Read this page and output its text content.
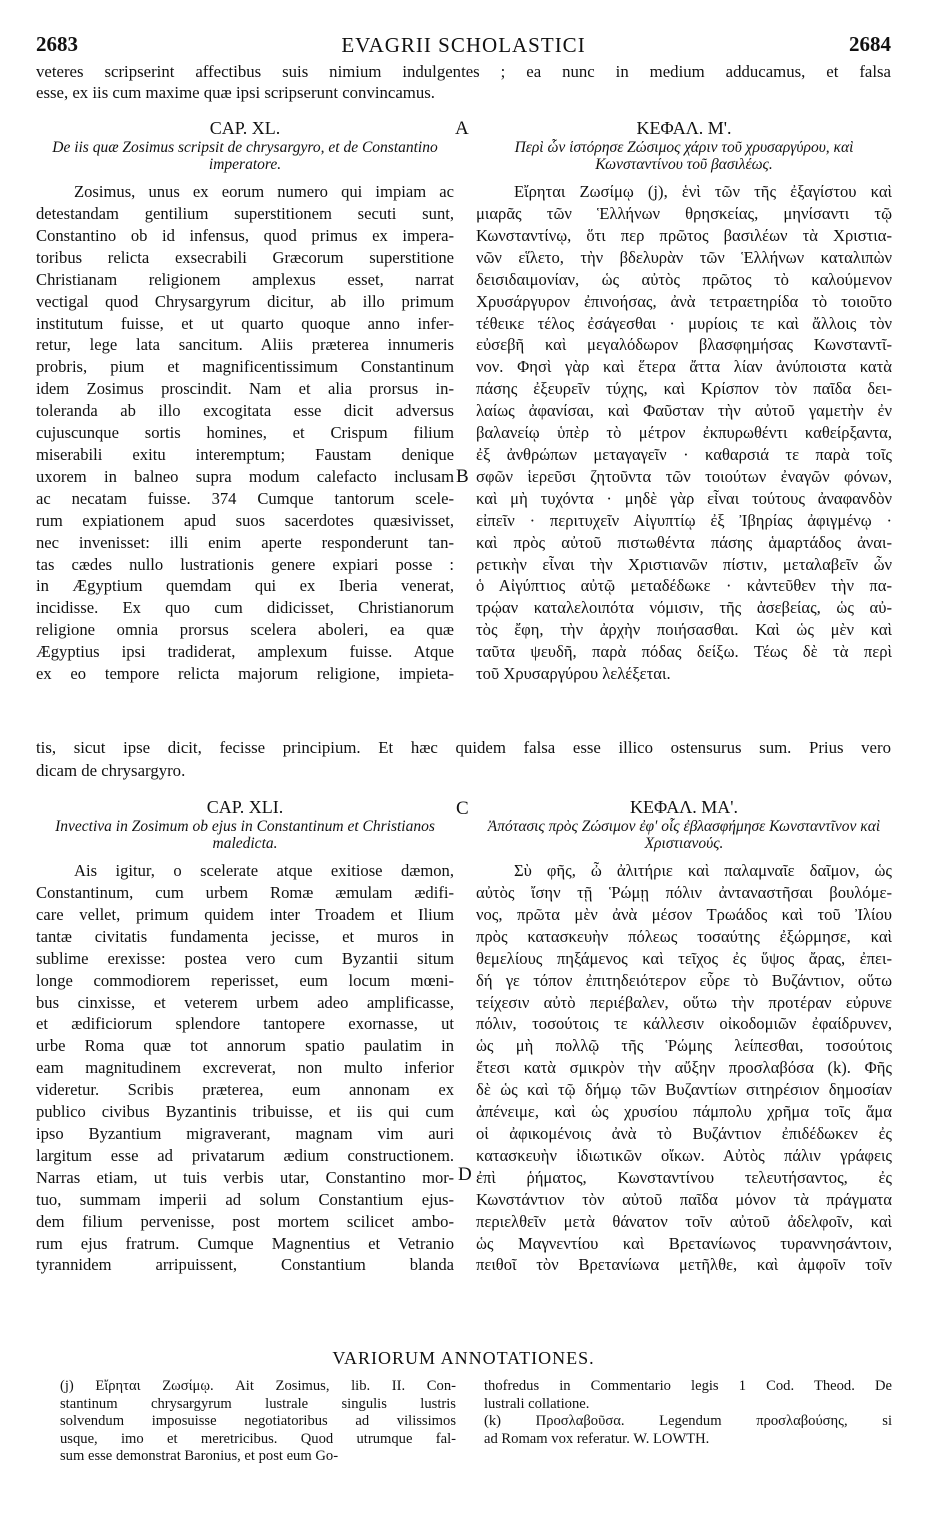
2683	EVAGRII SCHOLASTICI	2684
veteres scripserint affectibus suis nimium indulgentes ; ea nunc in medium adducamus, et falsa
esse, ex iis cum maxime quæ ipsi scripserunt convincamus.

CAP. XL.

De iis quæ Zosimus scripsit de chrysargyro, et de Constantino imperatore.

Zosimus, unus ex eorum numero qui impiam ac

detestandam gentilium superstitionem secuti sunt,

Constantino ob id infensus, quod primus ex impera-

toribus relicta exsecrabili Græcorum superstitione

Christianam religionem amplexus esset, narrat

vectigal quod Chrysargyrum dicitur, ab illo primum

institutum fuisse, et ut quarto quoque anno infer-

retur, lege lata sancitum. Aliis præterea innumeris

probris, pium et magnificentissimum Constantinum

idem Zosimus proscindit. Nam et alia prorsus in-

toleranda ab illo excogitata esse dicit adversus

cujuscunque sortis homines, et Crispum filium

miserabili exitu interemptum; Faustam denique

uxorem in balneo supra modum calefacto inclusam

ac necatam fuisse. 374 Cumque tantorum scele-

rum expiationem apud suos sacerdotes quæsivisset,

nec invenisset: illi enim aperte responderunt tan-

tas cædes nullo lustrationis genere expiari posse :

in Ægyptium quemdam qui ex Iberia venerat,

incidisse. Ex quo cum didicisset, Christianorum

religione omnia prorsus scelera aboleri, ea quæ

Ægyptius ipsi tradiderat, amplexum fuisse. Atque

ex eo tempore relicta majorum religione, impieta-

ΚΕΦΑΛ. Μ'.

Περὶ ὧν ἱστόρησε Ζώσιμος χάριν τοῦ χρυσαργύρου, καὶ Κωνσταντίνου τοῦ βασιλέως.

Εἴρηται Ζωσίμῳ (j), ἑνὶ τῶν τῆς ἐξαγίστου καὶ

μιαρᾶς τῶν Ἑλλήνων θρησκείας, μηνίσαντι τῷ

Κωνσταντίνῳ, ὅτι περ πρῶτος βασιλέων τὰ Χριστια-

νῶν εἵλετο, τὴν βδελυρὰν τῶν Ἑλλήνων καταλιπὼν

δεισιδαιμονίαν, ὡς αὐτὸς πρῶτος τὸ καλούμενον

Χρυσάργυρον ἐπινοήσας, ἀνὰ τετραετηρίδα τὸ τοιοῦτο

τέθεικε τέλος ἐσάγεσθαι · μυρίοις τε καὶ ἄλλοις τὸν

εὐσεβῆ καὶ μεγαλόδωρον βλασφημήσας Κωνσταντῖ-

νον. Φησὶ γὰρ καὶ ἕτερα ἄττα λίαν ἀνύποιστα κατὰ

πάσης ἐξευρεῖν τύχης, καὶ Κρίσπον τὸν παῖδα δει-

λαίως ἀφανίσαι, καὶ Φαῦσταν τὴν αὐτοῦ γαμετὴν ἐν

βαλανείῳ ὑπὲρ τὸ μέτρον ἐκπυρωθέντι καθείρξαντα,

ἐξ ἀνθρώπων μεταγαγεῖν · καθαρσιά τε παρὰ τοῖς

σφῶν ἱερεῦσι ζητοῦντα τῶν τοιούτων ἐναγῶν φόνων,

καὶ μὴ τυχόντα · μηδὲ γὰρ εἶναι τούτους ἀναφανδὸν

εἰπεῖν · περιτυχεῖν Αἰγυπτίῳ ἐξ Ἰβηρίας ἀφιγμένῳ ·

καὶ πρὸς αὐτοῦ πιστωθέντα πάσης ἁμαρτάδος ἀναι-

ρετικὴν εἶναι τὴν Χριστιανῶν πίστιν, μεταλαβεῖν ὧν

ὁ Αἰγύπτιος αὐτῷ μεταδέδωκε · κἀντεῦθεν τὴν πα-

τρῴαν καταλελοιπότα νόμισιν, τῆς ἀσεβείας, ὡς αὐ-

τὸς ἔφη, τὴν ἀρχὴν ποιήσασθαι. Καὶ ὡς μὲν καὶ

ταῦτα ψευδῆ, παρὰ πόδας δείξω. Τέως δὲ τὰ περὶ

τοῦ Χρυσαργύρου λελέξεται.

A
B
C
D
tis, sicut ipse dicit, fecisse principium. Et hæc quidem falsa esse illico ostensurus sum. Prius vero
dicam de chrysargyro.

CAP. XLI.

Invectiva in Zosimum ob ejus in Constantinum et Christianos maledicta.

Ais igitur, o scelerate atque exitiose dæmon,

Constantinum, cum urbem Romæ æmulam ædifi-

care vellet, primum quidem inter Troadem et Ilium

tantæ civitatis fundamenta jecisse, et muros in

sublime erexisse: postea vero cum Byzantii situm

longe commodiorem reperisset, eum locum mœni-

bus cinxisse, et veterem urbem adeo amplificasse,

et ædificiorum splendore tantopere exornasse, ut

urbe Roma quæ tot annorum spatio paulatim in

eam magnitudinem excreverat, non multo inferior

videretur. Scribis præterea, eum annonam ex

publico civibus Byzantinis tribuisse, et iis qui cum

ipso Byzantium migraverant, magnam vim auri

largitum esse ad privatarum ædium constructionem.

Narras etiam, ut tuis verbis utar, Constantino mor-

tuo, summam imperii ad solum Constantium ejus-

dem filium pervenisse, post mortem scilicet ambo-

rum ejus fratrum. Cumque Magnentius et Vetranio

tyrannidem arripuissent, Constantium blanda

ΚΕΦΑΛ. ΜΑ'.

Ἀπότασις πρὸς Ζώσιμον ἐφ' οἷς ἐβλασφήμησε Κωνσταντῖνον καὶ Χριστιανούς.

Σὺ φῆς, ὦ ἀλιτήριε καὶ παλαμναῖε δαῖμον, ὡς

αὐτὸς ἴσην τῇ Ῥώμῃ πόλιν ἀνταναστῆσαι βουλόμε-

νος, πρῶτα μὲν ἀνὰ μέσον Τρωάδος καὶ τοῦ Ἰλίου

πρὸς κατασκευὴν πόλεως τοσαύτης ἐξώρμησε, καὶ

θεμελίους πηξάμενος καὶ τεῖχος ἐς ὕψος ἄρας, ἐπει-

δή γε τόπον ἐπιτηδειότερον εὗρε τὸ Βυζάντιον, οὕτω

τείχεσιν αὐτὸ περιέβαλεν, οὕτω τὴν προτέραν εὐρυνε

πόλιν, τοσούτοις τε κάλλεσιν οἰκοδομιῶν ἐφαίδρυνεν,

ὡς μὴ πολλῷ τῆς Ῥώμης λείπεσθαι, τοσούτοις

ἔτεσι κατὰ σμικρὸν τὴν αὔξην προσλαβόσα (k). Φῆς

δὲ ὡς καὶ τῷ δήμῳ τῶν Βυζαντίων σιτηρέσιον δημοσίαν

ἀπένειμε, καὶ ὡς χρυσίου πάμπολυ χρῆμα τοῖς ἅμα

οἱ ἀφικομένοις ἀνὰ τὸ Βυζάντιον ἐπιδέδωκεν ἐς

κατασκευὴν ἰδιωτικῶν οἴκων. Αὐτὸς πάλιν γράφεις

ἐπὶ ῥήματος, Κωνσταντίνου τελευτήσαντος, ἐς

Κωνστάντιον τὸν αὐτοῦ παῖδα μόνον τὰ πράγματα

περιελθεῖν μετὰ θάνατον τοῖν αὐτοῦ ἀδελφοῖν, καὶ

ὡς Μαγνεντίου καὶ Βρετανίωνος τυραννησάντοιν,

πειθοῖ τὸν Βρετανίωνα μετῆλθε, καὶ ἀμφοῖν τοῖν

VARIORUM ANNOTATIONES.

(j) Εἴρηται Ζωσίμῳ. Ait Zosimus, lib. II. Con-

stantinum chrysargyrum lustrale singulis lustris

solvendum imposuisse negotiatoribus ad vilissimos

usque, imo et meretricibus. Quod utrumque fal-

sum esse demonstrat Baronius, et post eum Go-

thofredus in Commentario legis 1 Cod. Theod. De

lustrali collatione.

(k) Προσλαβοῦσα. Legendum προσλαβούσης, si

ad Romam vox referatur. W. LOWTH.
